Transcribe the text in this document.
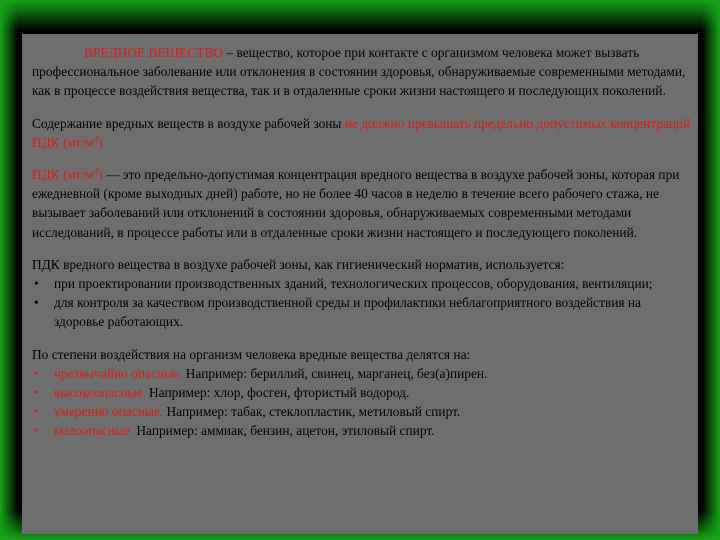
ВРЕДНОЕ ВЕЩЕСТВО – вещество, которое при контакте с организмом человека может вызвать профессиональное заболевание или отклонения в состоянии здоровья, обнаруживаемые современными методами, как в процессе воздействия вещества, так и в отдаленные сроки жизни настоящего и последующих поколений.

Содержание вредных веществ в воздухе рабочей зоны не должно превышать предельно допустимых концентраций ПДК $(мг/м^3)$.

ПДК $(мг/м^3)$ — это предельно-допустимая концентрация вредного вещества в воздухе рабочей зоны, которая при ежедневной (кроме выходных дней) работе, но не более 40 часов в неделю в течение всего рабочего стажа, не вызывает заболеваний или отклонений в состоянии здоровья, обнаруживаемых современными методами исследований, в процессе работы или в отдаленные сроки жизни настоящего и последующего поколений.

ПДК вредного вещества в воздухе рабочей зоны, как гигиенический норматив, используется:

• при проектировании производственных зданий, технологических процессов, оборудования, вентиляции;
• для контроля за качеством производственной среды и профилактики неблагоприятного воздействия на здоровье работающих.

По степени воздействия на организм человека вредные вещества делятся на:

• чрезвычайно опасные. Например: бериллий, свинец, марганец, без(а)пирен.
• высокоопасные. Например: хлор, фосген, фтористый водород.
• умеренно опасные. Например: табак, стеклопластик, метиловый спирт.
• малоопасные. Например: аммиак, бензин, ацетон, этиловый спирт.
